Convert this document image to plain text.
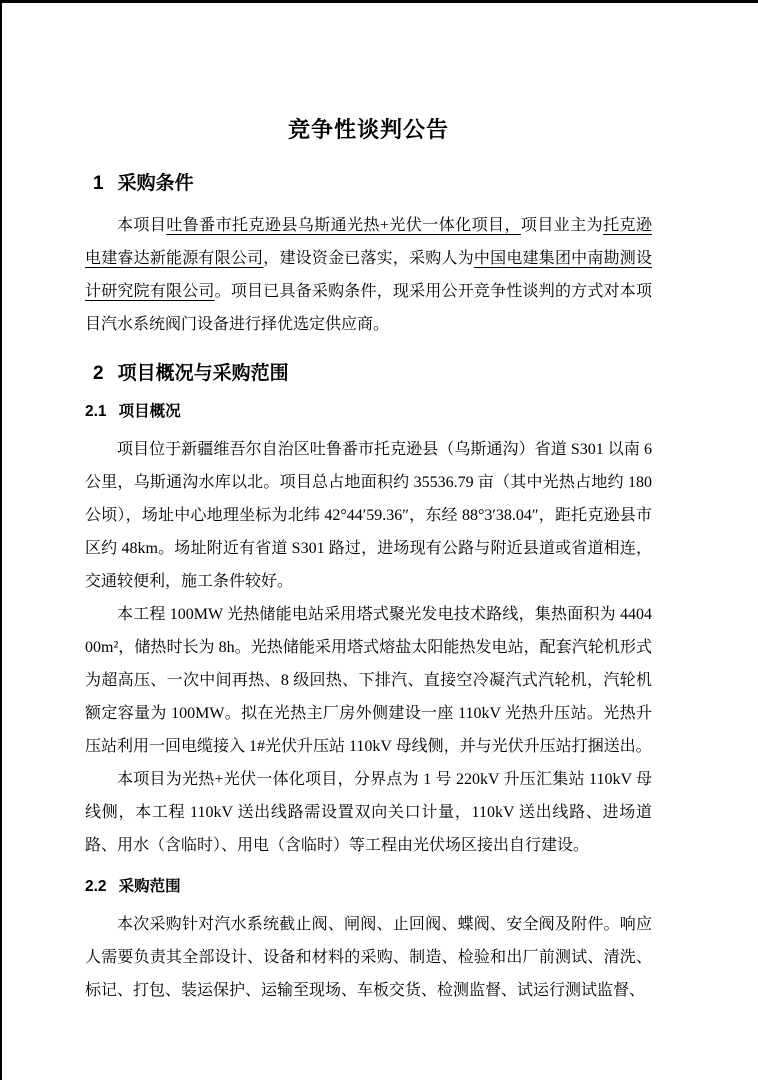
竞争性谈判公告
1 采购条件

本项目吐鲁番市托克逊县乌斯通光热+光伏一体化项目，项目业主为托克逊电建睿达新能源有限公司，建设资金已落实，采购人为中国电建集团中南勘测设计研究院有限公司。项目已具备采购条件，现采用公开竞争性谈判的方式对本项目汽水系统阀门设备进行择优选定供应商。

2 项目概况与采购范围
2.1 项目概况

项目位于新疆维吾尔自治区吐鲁番市托克逊县（乌斯通沟）省道 S301 以南 6 公里，乌斯通沟水库以北。项目总占地面积约 35536.79 亩（其中光热占地约 180 公顷），场址中心地理坐标为北纬 42°44′59.36″，东经 88°3′38.04″，距托克逊县市区约 48km。场址附近有省道 S301 路过，进场现有公路与附近县道或省道相连，交通较便利，施工条件较好。

本工程 100MW 光热储能电站采用塔式聚光发电技术路线，集热面积为 440400m²，储热时长为 8h。光热储能采用塔式熔盐太阳能热发电站，配套汽轮机形式为超高压、一次中间再热、8 级回热、下排汽、直接空冷凝汽式汽轮机，汽轮机额定容量为 100MW。拟在光热主厂房外侧建设一座 110kV 光热升压站。光热升压站利用一回电缆接入 1#光伏升压站 110kV 母线侧，并与光伏升压站打捆送出。

本项目为光热+光伏一体化项目，分界点为 1 号 220kV 升压汇集站 110kV 母线侧，本工程 110kV 送出线路需设置双向关口计量，110kV 送出线路、进场道路、用水（含临时）、用电（含临时）等工程由光伏场区接出自行建设。

2.2 采购范围

本次采购针对汽水系统截止阀、闸阀、止回阀、蝶阀、安全阀及附件。响应人需要负责其全部设计、设备和材料的采购、制造、检验和出厂前测试、清洗、标记、打包、装运保护、运输至现场、车板交货、检测监督、试运行测试监督、
